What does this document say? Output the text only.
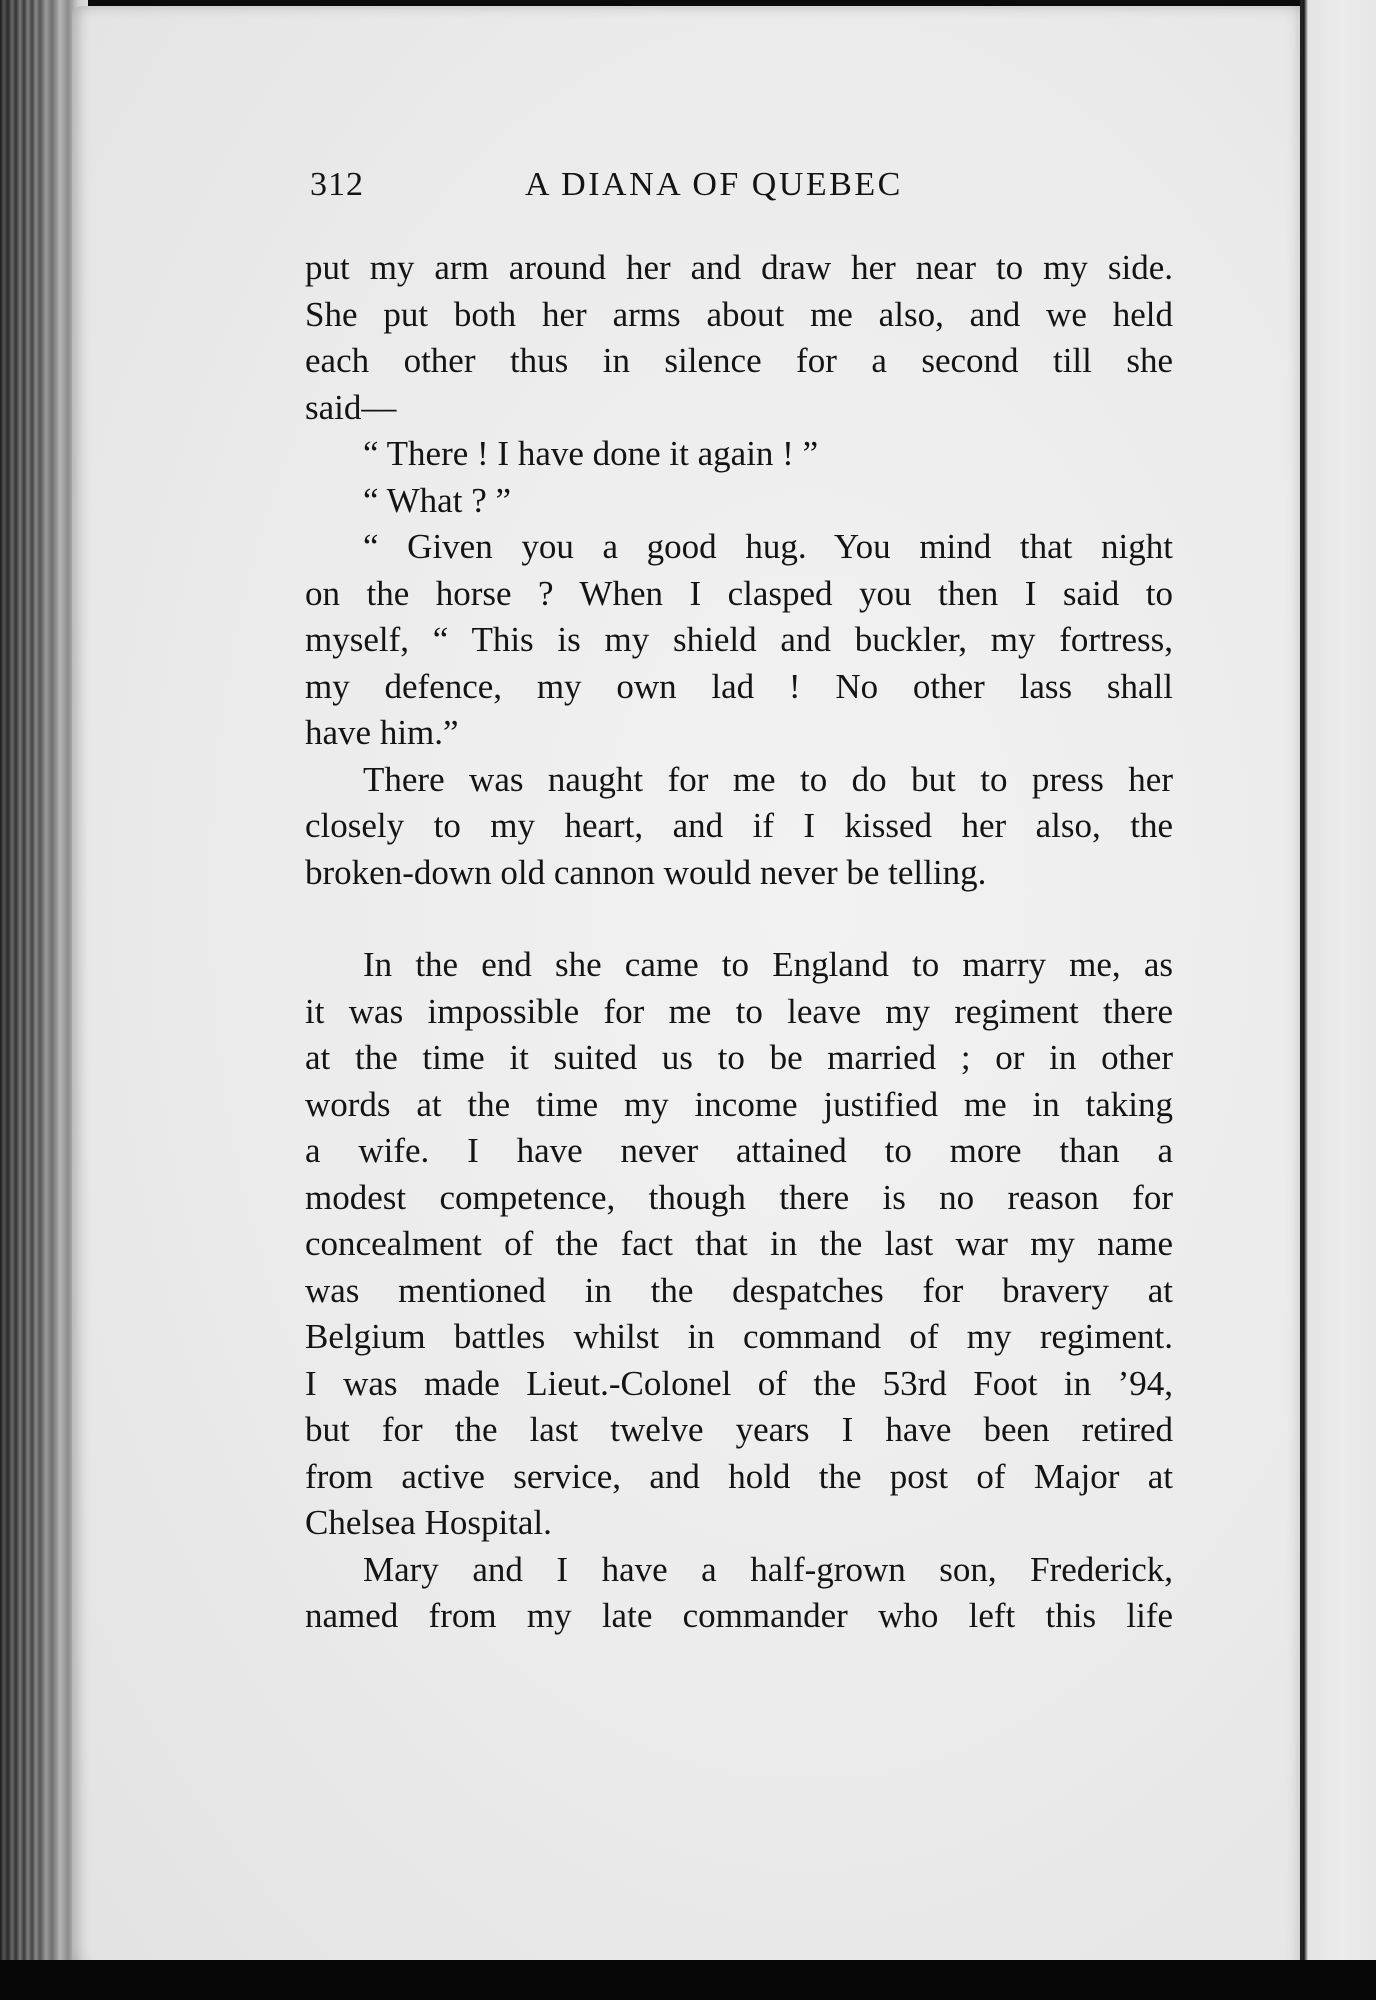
312	A DIANA OF QUEBEC
put my arm around her and draw her near to my side.
She put both her arms about me also, and we held
each other thus in silence for a second till she
said—
“ There ! I have done it again ! ”
“ What ? ”
“ Given you a good hug. You mind that night
on the horse ? When I clasped you then I said to
myself, “ This is my shield and buckler, my fortress,
my defence, my own lad ! No other lass shall
have him.”
There was naught for me to do but to press her
closely to my heart, and if I kissed her also, the
broken-down old cannon would never be telling.
In the end she came to England to marry me, as
it was impossible for me to leave my regiment there
at the time it suited us to be married ; or in other
words at the time my income justified me in taking
a wife. I have never attained to more than a
modest competence, though there is no reason for
concealment of the fact that in the last war my name
was mentioned in the despatches for bravery at
Belgium battles whilst in command of my regiment.
I was made Lieut.-Colonel of the 53rd Foot in ’94,
but for the last twelve years I have been retired
from active service, and hold the post of Major at
Chelsea Hospital.
Mary and I have a half-grown son, Frederick,
named from my late commander who left this life
